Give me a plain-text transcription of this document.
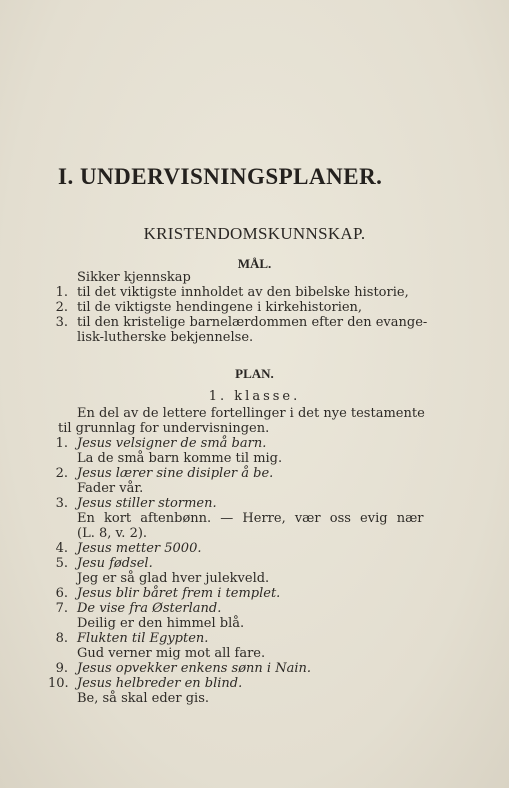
I. UNDERVISNINGSPLANER.
KRISTENDOMSKUNNSKAP.
MÅL.
Sikker kjennskap
1. til det viktigste innholdet av den bibelske historie,
2. til de viktigste hendingene i kirkehistorien,
3. til den kristelige barnelærdommen efter den evange-
lisk-lutherske bekjennelse.
PLAN.
1. klasse.
En del av de lettere fortellinger i det nye testamente
til grunnlag for undervisningen.
1. Jesus velsigner de små barn.
La de små barn komme til mig.
2. Jesus lærer sine disipler å be.
Fader vår.
3. Jesus stiller stormen.
En kort aftenbønn. — Herre, vær oss evig nær
(L. 8, v. 2).
4. Jesus metter 5000.
5. Jesu fødsel.
Jeg er så glad hver julekveld.
6. Jesus blir båret frem i templet.
7. De vise fra Østerland.
Deilig er den himmel blå.
8. Flukten til Egypten.
Gud verner mig mot all fare.
9. Jesus opvekker enkens sønn i Nain.
10. Jesus helbreder en blind.
Be, så skal eder gis.
